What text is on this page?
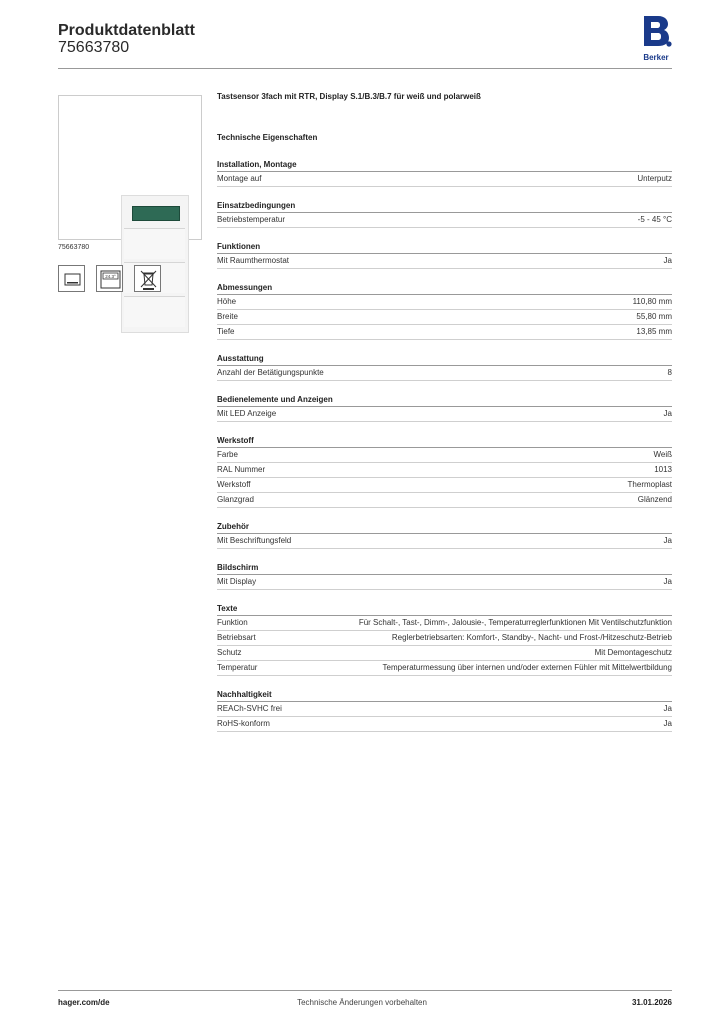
Produktdatenblatt
75663780
Berker
75663780
24.3°
Tastsensor 3fach mit RTR, Display S.1/B.3/B.7 für weiß und polarweiß
Technische Eigenschaften
Installation, Montage
Montage auf	Unterputz
Einsatzbedingungen
Betriebstemperatur	-5 - 45 °C
Funktionen
Mit Raumthermostat	Ja
Abmessungen
Höhe	110,80 mm
Breite	55,80 mm
Tiefe	13,85 mm
Ausstattung
Anzahl der Betätigungspunkte	8
Bedienelemente und Anzeigen
Mit LED Anzeige	Ja
Werkstoff
Farbe	Weiß
RAL Nummer	1013
Werkstoff	Thermoplast
Glanzgrad	Glänzend
Zubehör
Mit Beschriftungsfeld	Ja
Bildschirm
Mit Display	Ja
Texte
Funktion	Für Schalt-, Tast-, Dimm-, Jalousie-, Temperaturreglerfunktionen Mit Ventilschutzfunktion
Betriebsart	Reglerbetriebsarten: Komfort-, Standby-, Nacht- und Frost-/Hitzeschutz-Betrieb
Schutz	Mit Demontageschutz
Temperatur	Temperaturmessung über internen und/oder externen Fühler mit Mittelwertbildung
Nachhaltigkeit
REACh-SVHC frei	Ja
RoHS-konform	Ja
hager.com/de	Technische Änderungen vorbehalten	31.01.2026
